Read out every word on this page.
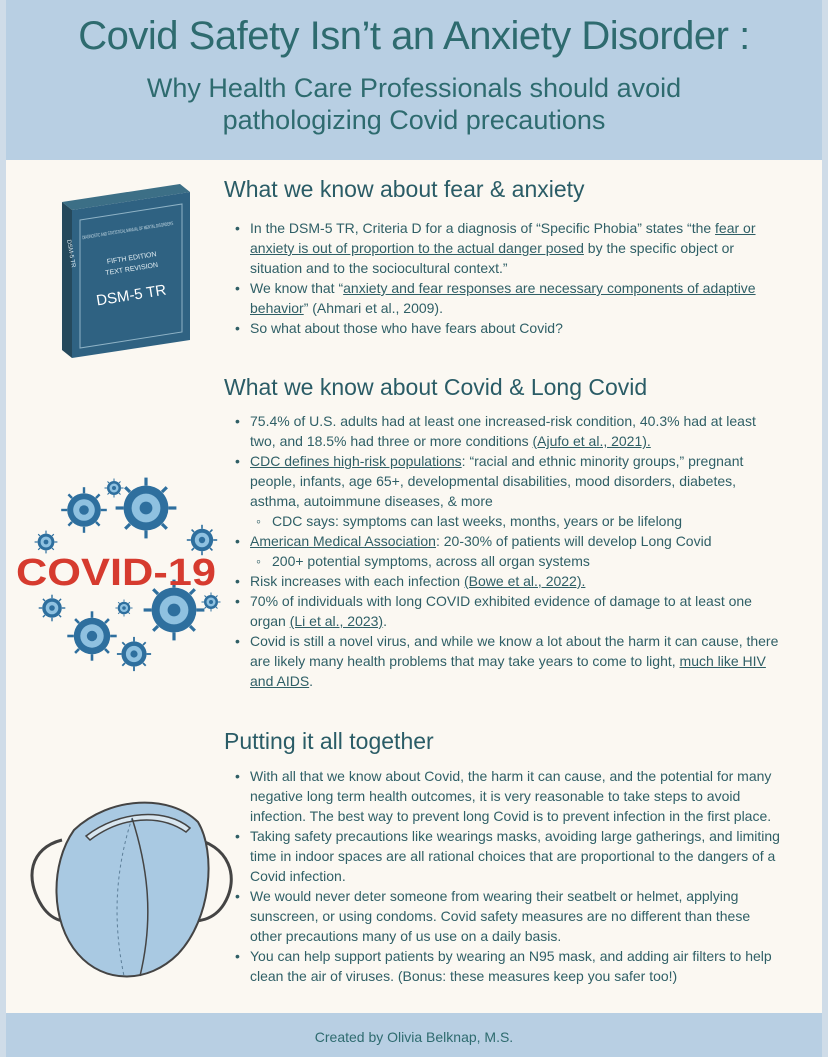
Covid Safety Isn’t an Anxiety Disorder :
Why Health Care Professionals should avoid pathologizing Covid precautions
DIAGNOSTIC AND STATISTICAL MANUAL OF MENTAL DISORDERS
FIFTH EDITION
TEXT REVISION
DSM-5 TR
DSM-5 TR
What we know about fear & anxiety
• In the DSM-5 TR, Criteria D for a diagnosis of “Specific Phobia” states “the fear or anxiety is out of proportion to the actual danger posed by the specific object or situation and to the sociocultural context.”
• We know that “anxiety and fear responses are necessary components of adaptive behavior” (Ahmari et al., 2009).
• So what about those who have fears about Covid?
COVID-19
What we know about Covid & Long Covid
• 75.4% of U.S. adults had at least one increased-risk condition, 40.3% had at least two, and 18.5% had three or more conditions (Ajufo et al., 2021).
• CDC defines high-risk populations: “racial and ethnic minority groups,” pregnant people, infants, age 65+, developmental disabilities, mood disorders, diabetes, asthma, autoimmune diseases, & more
◦ CDC says: symptoms can last weeks, months, years or be lifelong
• American Medical Association: 20-30% of patients will develop Long Covid
◦ 200+ potential symptoms, across all organ systems
• Risk increases with each infection (Bowe et al., 2022).
• 70% of individuals with long COVID exhibited evidence of damage to at least one organ (Li et al., 2023).
• Covid is still a novel virus, and while we know a lot about the harm it can cause, there are likely many health problems that may take years to come to light, much like HIV and AIDS.
Putting it all together
• With all that we know about Covid, the harm it can cause, and the potential for many negative long term health outcomes, it is very reasonable to take steps to avoid infection. The best way to prevent long Covid is to prevent infection in the first place.
• Taking safety precautions like wearings masks, avoiding large gatherings, and limiting time in indoor spaces are all rational choices that are proportional to the dangers of a Covid infection.
• We would never deter someone from wearing their seatbelt or helmet, applying sunscreen, or using condoms. Covid safety measures are no different than these other precautions many of us use on a daily basis.
• You can help support patients by wearing an N95 mask, and adding air filters to help clean the air of viruses. (Bonus: these measures keep you safer too!)
Created by Olivia Belknap, M.S.
